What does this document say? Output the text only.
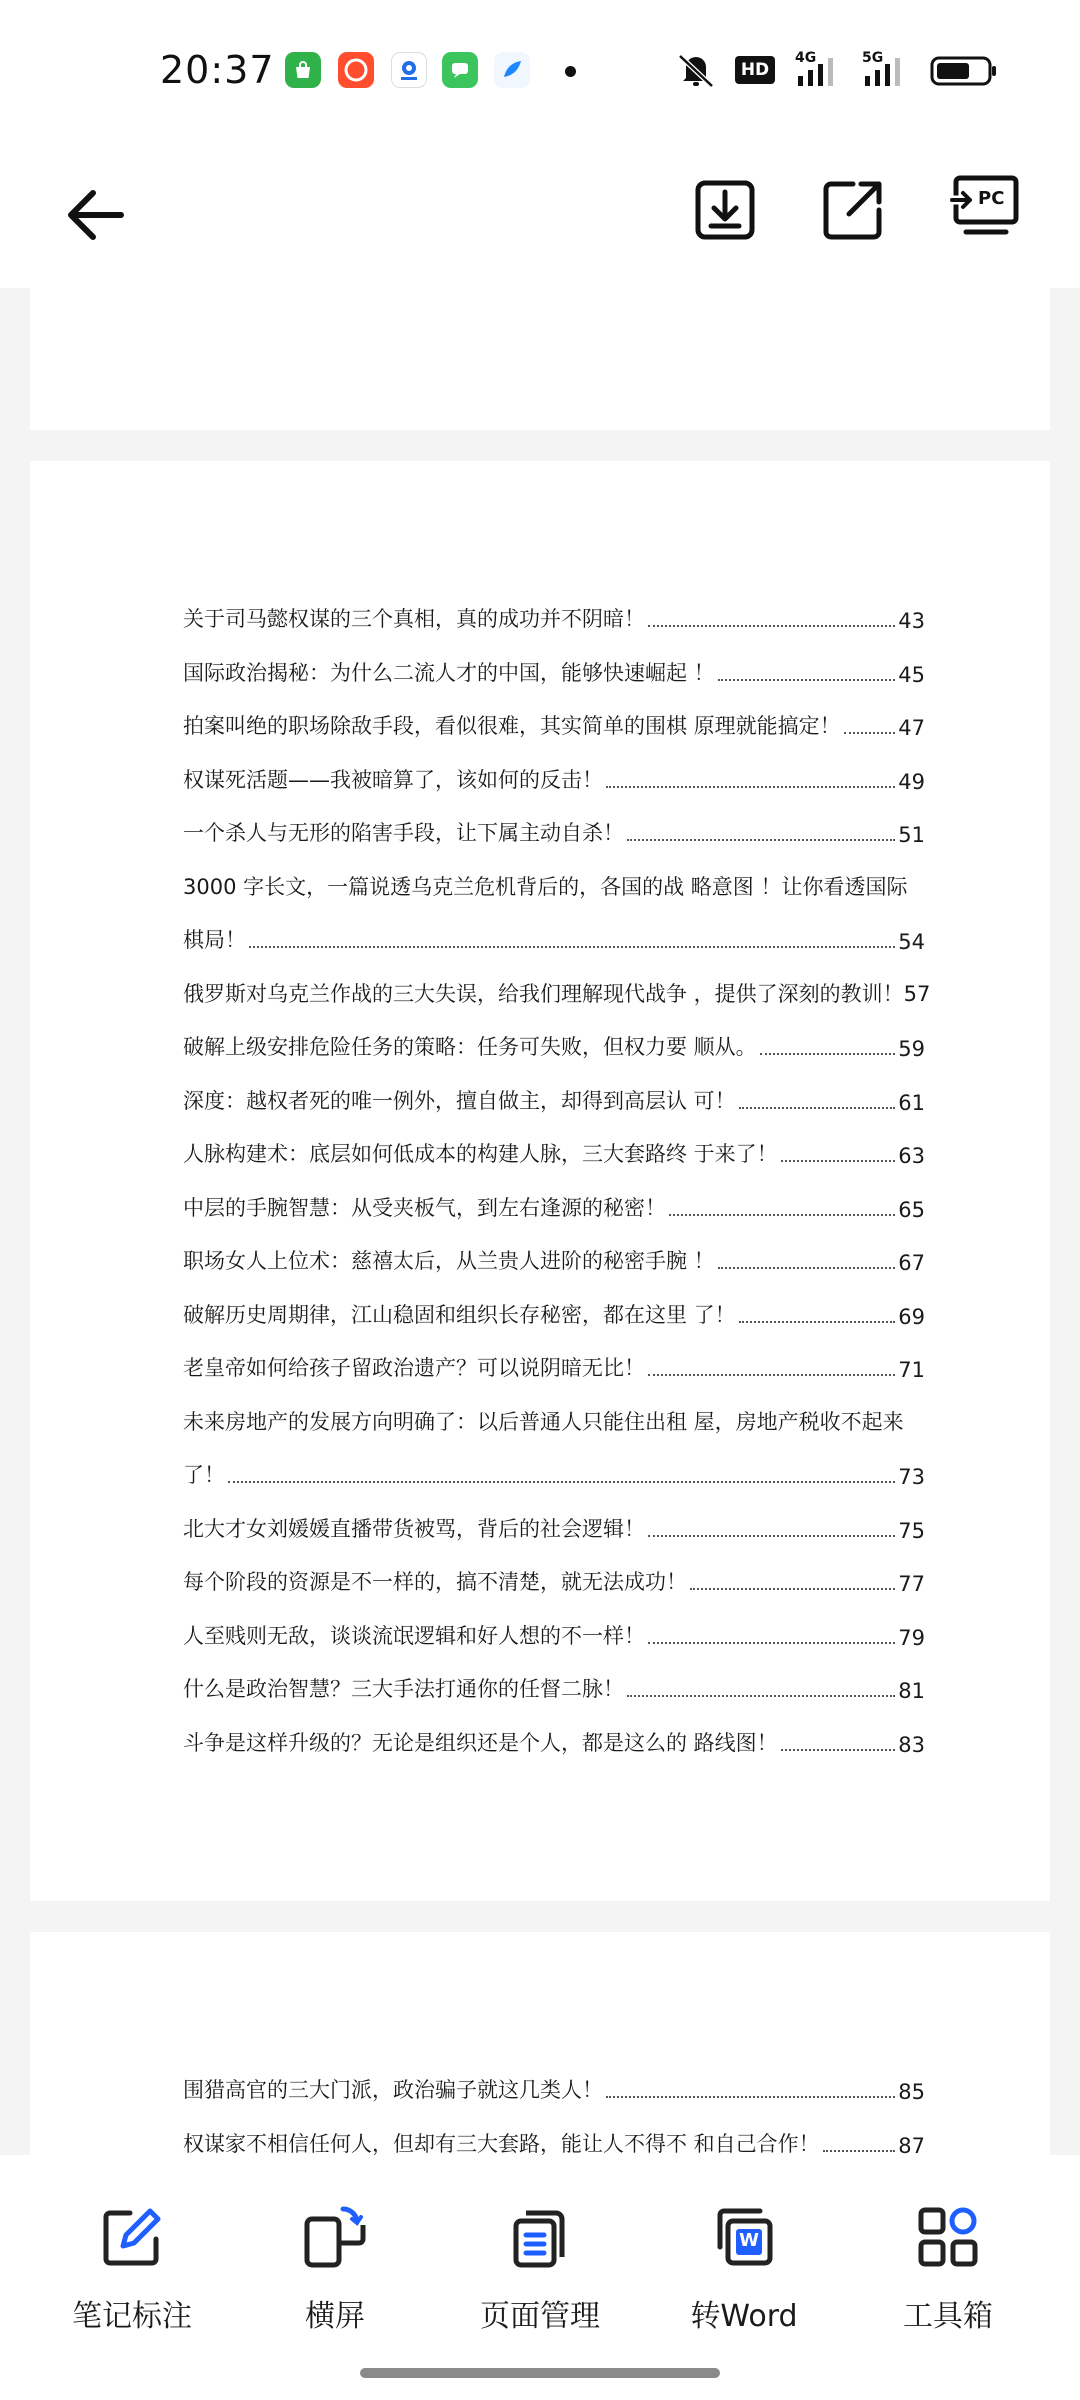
20:37	HD
4G	5G
PC
关于司马懿权谋的三个真相，真的成功并不阴暗！	43
国际政治揭秘：为什么二流人才的中国，能够快速崛起 ！	45
拍案叫绝的职场除敌手段，看似很难，其实简单的围棋 原理就能搞定！	47
权谋死活题——我被暗算了，该如何的反击！	49
一个杀人与无形的陷害手段，让下属主动自杀！	51
3000 字长文，一篇说透乌克兰危机背后的，各国的战 略意图 ！让你看透国际
棋局！	54
俄罗斯对乌克兰作战的三大失误，给我们理解现代战争 ，提供了深刻的教训！57
破解上级安排危险任务的策略：任务可失败，但权力要 顺从。	59
深度：越权者死的唯一例外，擅自做主，却得到高层认 可！	61
人脉构建术：底层如何低成本的构建人脉，三大套路终 于来了！	63
中层的手腕智慧：从受夹板气，到左右逢源的秘密！	65
职场女人上位术：慈禧太后，从兰贵人进阶的秘密手腕 ！	67
破解历史周期律，江山稳固和组织长存秘密，都在这里 了！	69
老皇帝如何给孩子留政治遗产？可以说阴暗无比！	71
未来房地产的发展方向明确了：以后普通人只能住出租 屋，房地产税收不起来
了！	73
北大才女刘媛媛直播带货被骂，背后的社会逻辑！	75
每个阶段的资源是不一样的，搞不清楚，就无法成功！	77
人至贱则无敌，谈谈流氓逻辑和好人想的不一样！	79
什么是政治智慧？三大手法打通你的任督二脉！	81
斗争是这样升级的？无论是组织还是个人，都是这么的 路线图！	83
围猎高官的三大门派，政治骗子就这几类人！	85
权谋家不相信任何人，但却有三大套路，能让人不得不 和自己合作！	87
笔记标注	横屏	页面管理
W
转Word	工具箱
